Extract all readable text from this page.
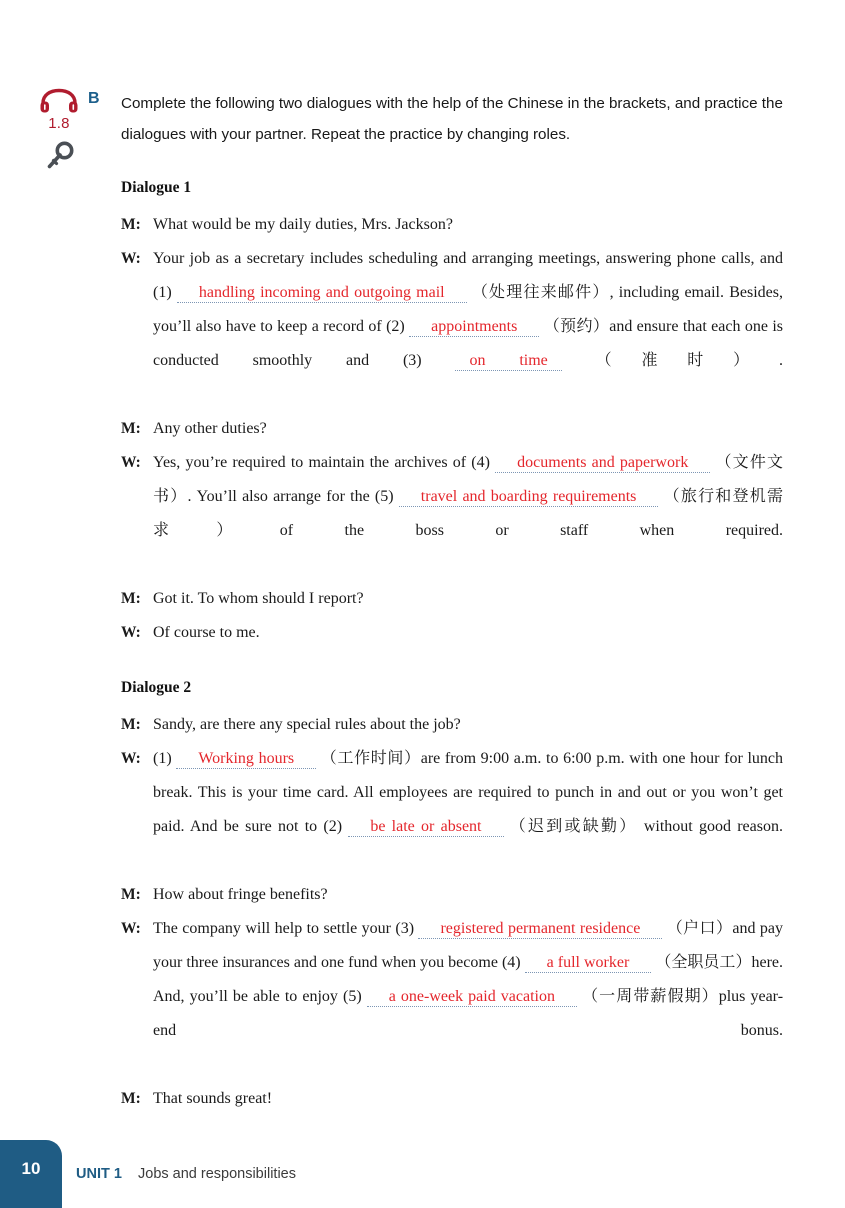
1.8
B Complete the following two dialogues with the help of the Chinese in the brackets, and practice the dialogues with your partner. Repeat the practice by changing roles.
Dialogue 1
M: What would be my daily duties, Mrs. Jackson?
W: Your job as a secretary includes scheduling and arranging meetings, answering phone calls, and (1) handling incoming and outgoing mail （处理往来邮件）, including email. Besides, you’ll also have to keep a record of (2) appointments （预约）and ensure that each one is conducted smoothly and (3) on time （准时）.
M: Any other duties?
W: Yes, you’re required to maintain the archives of (4) documents and paperwork （文件文书）. You’ll also arrange for the (5) travel and boarding requirements （旅行和登机需求）of the boss or staff when required.
M: Got it. To whom should I report?
W: Of course to me.
Dialogue 2
M: Sandy, are there any special rules about the job?
W: (1) Working hours （工作时间）are from 9:00 a.m. to 6:00 p.m. with one hour for lunch break. This is your time card. All employees are required to punch in and out or you won’t get paid. And be sure not to (2) be late or absent （迟到或缺勤） without good reason.
M: How about fringe benefits?
W: The company will help to settle your (3) registered permanent residence （户口）and pay your three insurances and one fund when you become (4) a full worker （全职员工）here. And, you’ll be able to enjoy (5) a one-week paid vacation （一周带薪假期）plus year-end bonus.
M: That sounds great!
10	UNIT 1 Jobs and responsibilities
